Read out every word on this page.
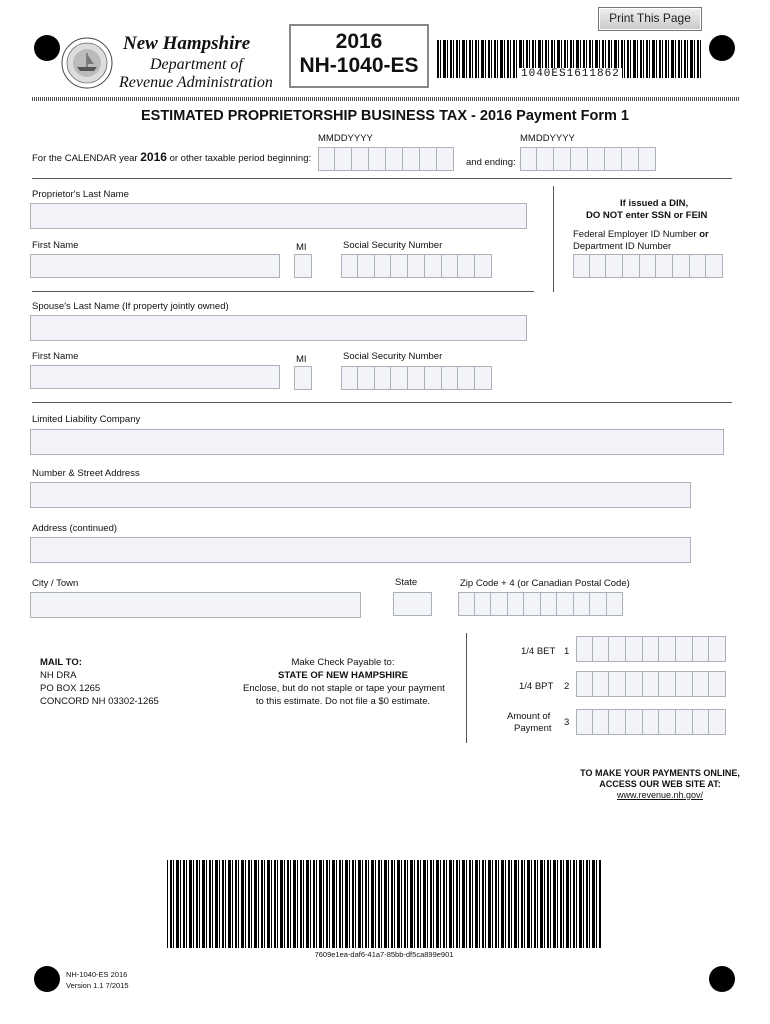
Print This Page
New Hampshire
Department of
Revenue Administration
2016
NH-1040-ES	1040ES1611862
ESTIMATED PROPRIETORSHIP BUSINESS TAX - 2016 Payment Form 1
MMDDYYYY	MMDDYYYY
For the CALENDAR year 2016 or other taxable period beginning:	and ending:
Proprietor's Last Name
If issued a DIN,
DO NOT enter SSN or FEIN
Federal Employer ID Number or
Department ID Number
First Name	MI	Social Security Number
Spouse's Last Name (If property jointly owned)
First Name	MI	Social Security Number
Limited Liability Company
Number & Street Address
Address (continued)
City / Town	State	Zip Code + 4 (or Canadian Postal Code)
MAIL TO:
NH DRA
PO BOX 1265
CONCORD NH 03302-1265
Make Check Payable to:
STATE OF NEW HAMPSHIRE
Enclose, but do not staple or tape your payment
to this estimate. Do not file a $0 estimate.
1/4 BET 1
1/4 BPT 2
Amount of
Payment
3
TO MAKE YOUR PAYMENTS ONLINE,
ACCESS OUR WEB SITE AT:
www.revenue.nh.gov/
7609e1ea-daf6-41a7-85bb-df5ca899e901
NH-1040-ES 2016
Version 1.1 7/2015
